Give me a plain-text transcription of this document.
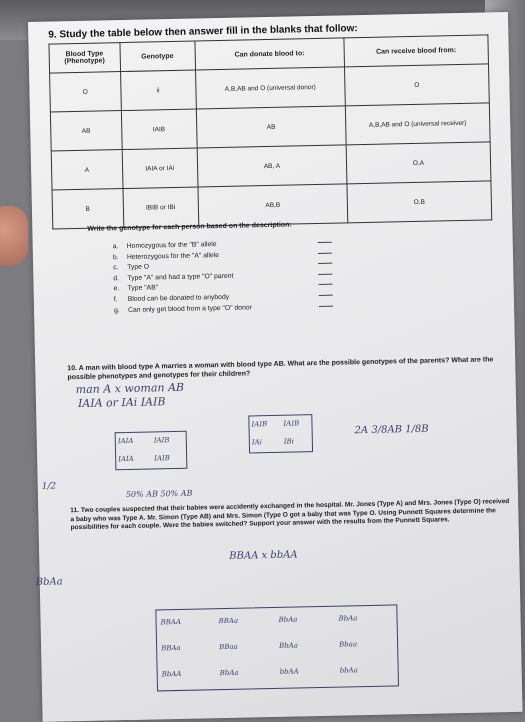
9. Study the table below then answer fill in the blanks that follow:
Blood Type (Phenotype)	Genotype	Can donate blood to:	Can receive blood from:
O	ii	A,B,AB and O (universal donor)	O
AB	IAIB	AB	A,B,AB and O (universal receiver)
A	IAIA or IAi	AB, A	O,A
B	IBIB or IBi	AB,B	O,B
Write the genotype for each person based on the description:
a.	Homozygous for the "B" allele
b.	Heterozygous for the "A" allele
c.	Type O
d.	Type "A" and had a type "O" parent
e.	Type "AB"
f.	Blood can be donated to anybody
g.	Can only get blood from a type "O" donor
10. A man with blood type A marries a woman with blood type AB. What are the possible genotypes of the parents? What are the possible phenotypes and genotypes for their children?
man A x woman AB
IAIA or IAi IAIB
IAIA	IAIB
IAIA	IAIB
IAIB IAIB
IAi	IBi
2A 3/8AB 1/8B
1/2
50% AB 50% AB
11. Two couples suspected that their babies were accidently exchanged in the hospital. Mr. Jones (Type A) and Mrs. Jones (Type O) received a baby who was Type A. Mr. Simon (Type AB) and Mrs. Simon (Type O got a baby that was Type O. Using Punnett Squares determine the possibilities for each couple. Were the babies switched? Support your answer with the results from the Punnett Squares.
BBAA x bbAA
BbAa
BBAA	BBAa	BbAa	BbAa
BBAa	BBaa	BbAa	Bbaa
BbAA	BbAa	bbAA	bbAa
